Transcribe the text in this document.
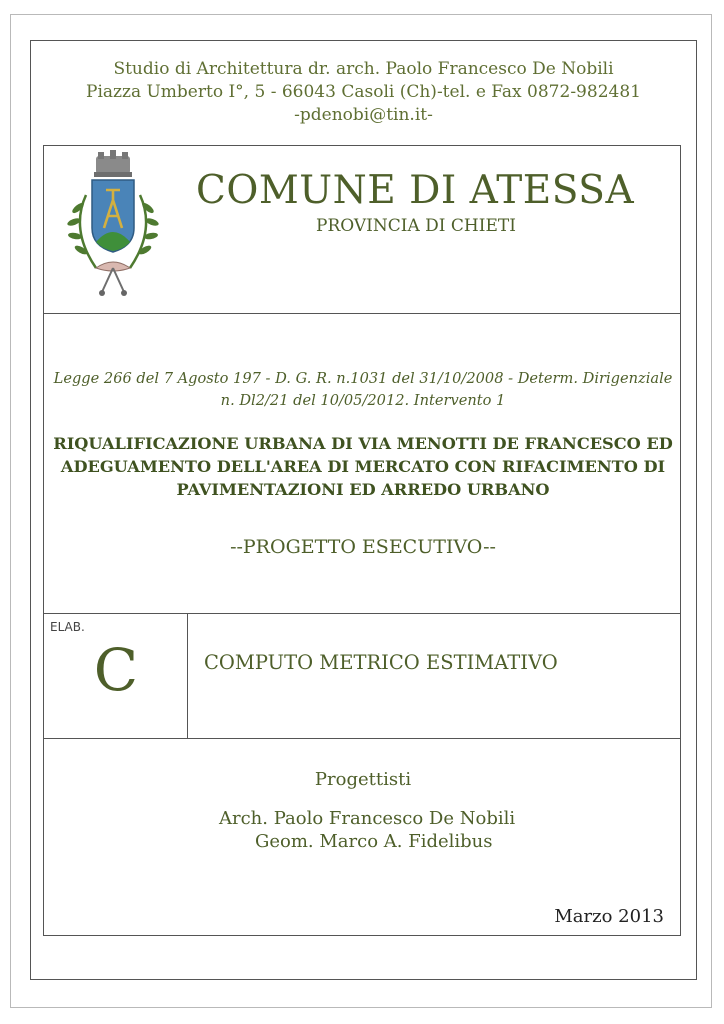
Studio di Architettura dr. arch. Paolo Francesco De Nobili
Piazza Umberto I°, 5 - 66043 Casoli (Ch)-tel. e Fax 0872-982481
-pdenobi@tin.it-
COMUNE DI ATESSA
PROVINCIA DI CHIETI
Legge 266 del 7 Agosto 197 - D. G. R. n.1031 del 31/10/2008 - Determ. Dirigenziale
n. Dl2/21 del 10/05/2012. Intervento 1
RIQUALIFICAZIONE URBANA DI VIA MENOTTI DE FRANCESCO ED
ADEGUAMENTO DELL'AREA DI MERCATO CON RIFACIMENTO DI
PAVIMENTAZIONI ED ARREDO URBANO
--PROGETTO ESECUTIVO--
ELAB.
C	COMPUTO METRICO ESTIMATIVO
Progettisti
Arch. Paolo Francesco De Nobili
Geom. Marco A. Fidelibus
Marzo 2013
